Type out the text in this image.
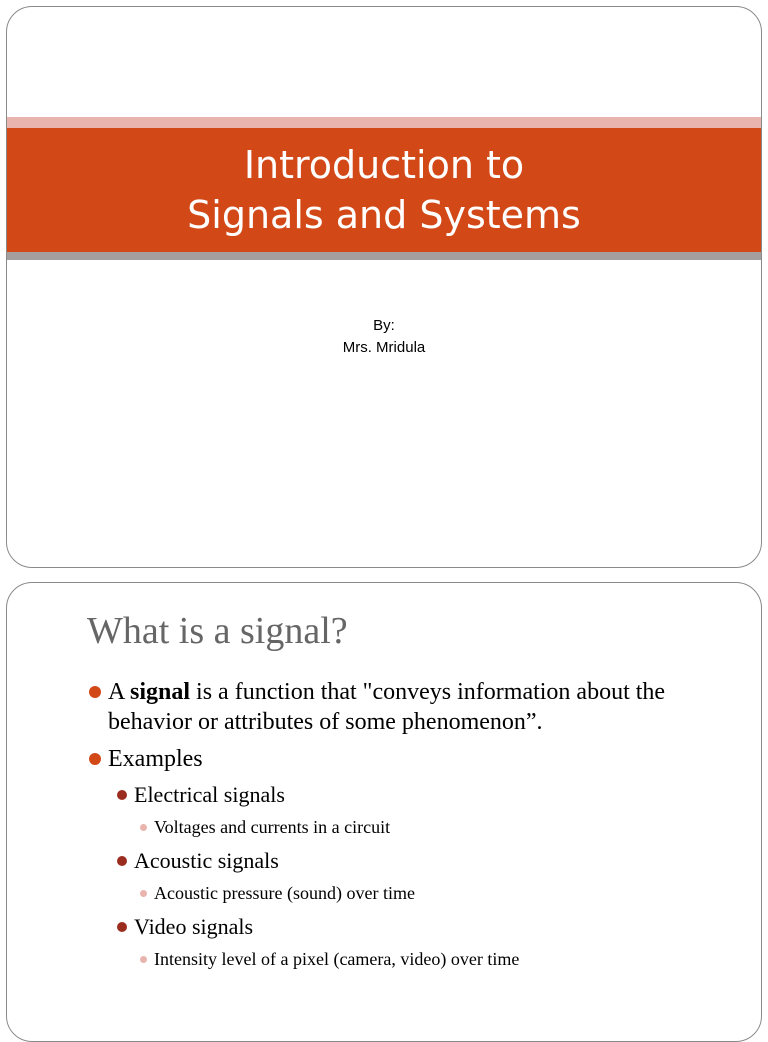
Introduction to
Signals and Systems
By:
Mrs. Mridula
What is a signal?
A signal is a function that "conveys information about the behavior or attributes of some phenomenon”.
Examples
Electrical signals
Voltages and currents in a circuit
Acoustic signals
Acoustic pressure (sound) over time
Video signals
Intensity level of a pixel (camera, video) over time
